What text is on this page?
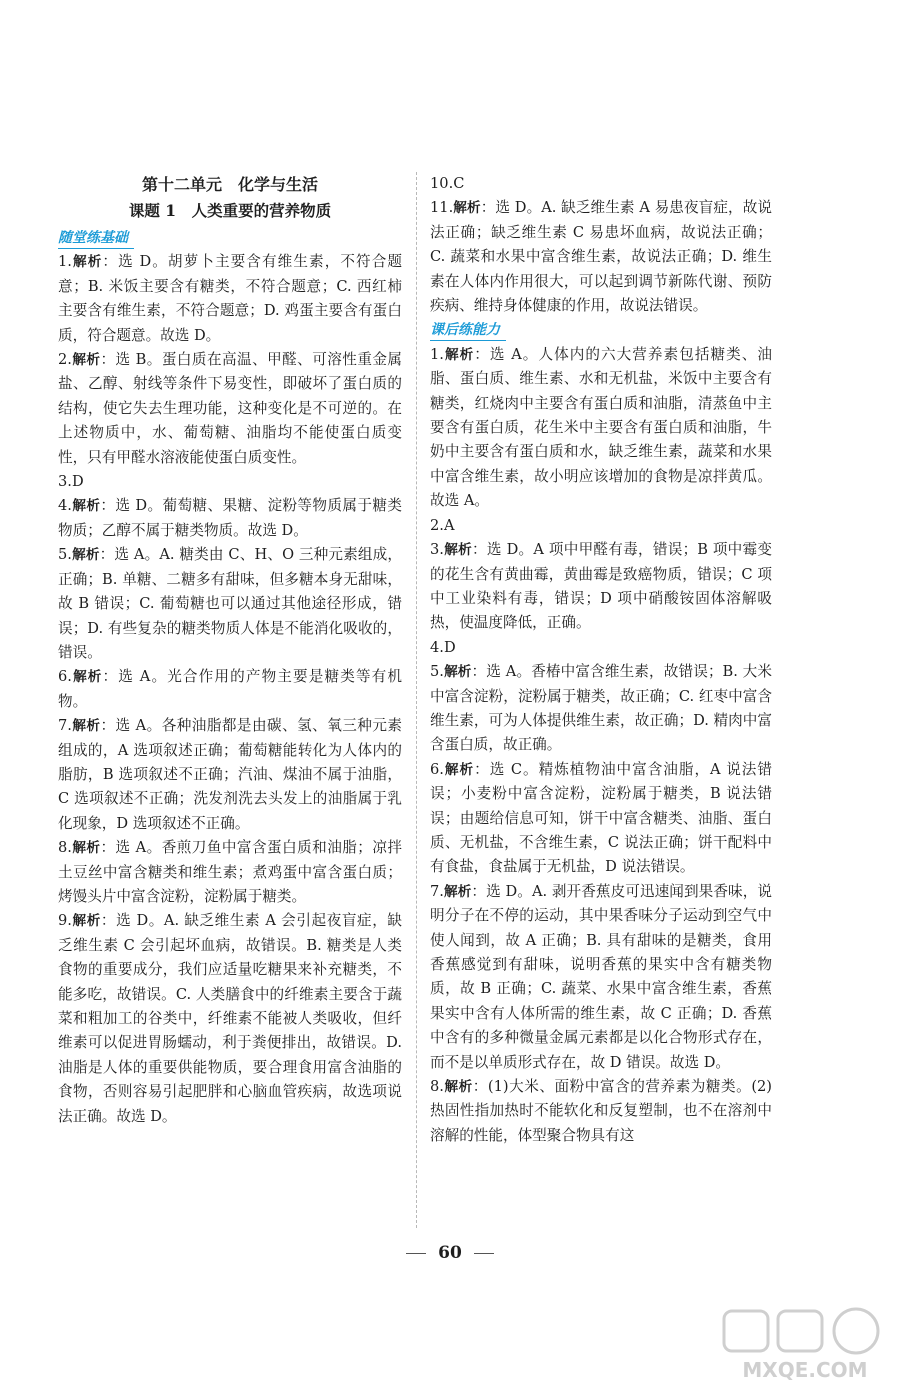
第十二单元　化学与生活

课题 1　人类重要的营养物质

随堂练基础

1.解析：选 D。胡萝卜主要含有维生素，不符合题意；B. 米饭主要含有糖类，不符合题意；C. 西红柿主要含有维生素，不符合题意；D. 鸡蛋主要含有蛋白质，符合题意。故选 D。

2.解析：选 B。蛋白质在高温、甲醛、可溶性重金属盐、乙醇、射线等条件下易变性，即破坏了蛋白质的结构，使它失去生理功能，这种变化是不可逆的。在上述物质中，水、葡萄糖、油脂均不能使蛋白质变性，只有甲醛水溶液能使蛋白质变性。

3.D

4.解析：选 D。葡萄糖、果糖、淀粉等物质属于糖类物质；乙醇不属于糖类物质。故选 D。

5.解析：选 A。A. 糖类由 C、H、O 三种元素组成，正确；B. 单糖、二糖多有甜味，但多糖本身无甜味，故 B 错误；C. 葡萄糖也可以通过其他途径形成，错误；D. 有些复杂的糖类物质人体是不能消化吸收的，错误。

6.解析：选 A。光合作用的产物主要是糖类等有机物。

7.解析：选 A。各种油脂都是由碳、氢、氧三种元素组成的，A 选项叙述正确；葡萄糖能转化为人体内的脂肪，B 选项叙述不正确；汽油、煤油不属于油脂，C 选项叙述不正确；洗发剂洗去头发上的油脂属于乳化现象，D 选项叙述不正确。

8.解析：选 A。香煎刀鱼中富含蛋白质和油脂；凉拌土豆丝中富含糖类和维生素；煮鸡蛋中富含蛋白质；烤馒头片中富含淀粉，淀粉属于糖类。

9.解析：选 D。A. 缺乏维生素 A 会引起夜盲症，缺乏维生素 C 会引起坏血病，故错误。B. 糖类是人类食物的重要成分，我们应适量吃糖果来补充糖类，不能多吃，故错误。C. 人类膳食中的纤维素主要含于蔬菜和粗加工的谷类中，纤维素不能被人类吸收，但纤维素可以促进胃肠蠕动，利于粪便排出，故错误。D. 油脂是人体的重要供能物质，要合理食用富含油脂的食物，否则容易引起肥胖和心脑血管疾病，故选项说法正确。故选 D。

10.C

11.解析：选 D。A. 缺乏维生素 A 易患夜盲症，故说法正确；缺乏维生素 C 易患坏血病，故说法正确；C. 蔬菜和水果中富含维生素，故说法正确；D. 维生素在人体内作用很大，可以起到调节新陈代谢、预防疾病、维持身体健康的作用，故说法错误。

课后练能力

1.解析：选 A。人体内的六大营养素包括糖类、油脂、蛋白质、维生素、水和无机盐，米饭中主要含有糖类，红烧肉中主要含有蛋白质和油脂，清蒸鱼中主要含有蛋白质，花生米中主要含有蛋白质和油脂，牛奶中主要含有蛋白质和水，缺乏维生素，蔬菜和水果中富含维生素，故小明应该增加的食物是凉拌黄瓜。故选 A。

2.A

3.解析：选 D。A 项中甲醛有毒，错误；B 项中霉变的花生含有黄曲霉，黄曲霉是致癌物质，错误；C 项中工业染料有毒，错误；D 项中硝酸铵固体溶解吸热，使温度降低，正确。

4.D

5.解析：选 A。香椿中富含维生素，故错误；B. 大米中富含淀粉，淀粉属于糖类，故正确；C. 红枣中富含维生素，可为人体提供维生素，故正确；D. 精肉中富含蛋白质，故正确。

6.解析：选 C。精炼植物油中富含油脂，A 说法错误；小麦粉中富含淀粉，淀粉属于糖类，B 说法错误；由题给信息可知，饼干中富含糖类、油脂、蛋白质、无机盐，不含维生素，C 说法正确；饼干配料中有食盐，食盐属于无机盐，D 说法错误。

7.解析：选 D。A. 剥开香蕉皮可迅速闻到果香味，说明分子在不停的运动，其中果香味分子运动到空气中使人闻到，故 A 正确；B. 具有甜味的是糖类，食用香蕉感觉到有甜味，说明香蕉的果实中含有糖类物质，故 B 正确；C. 蔬菜、水果中富含维生素，香蕉果实中含有人体所需的维生素，故 C 正确；D. 香蕉中含有的多种微量金属元素都是以化合物形式存在，而不是以单质形式存在，故 D 错误。故选 D。

8.解析：(1)大米、面粉中富含的营养素为糖类。(2)热固性指加热时不能软化和反复塑制，也不在溶剂中溶解的性能，体型聚合物具有这

60
MXQE.COM
